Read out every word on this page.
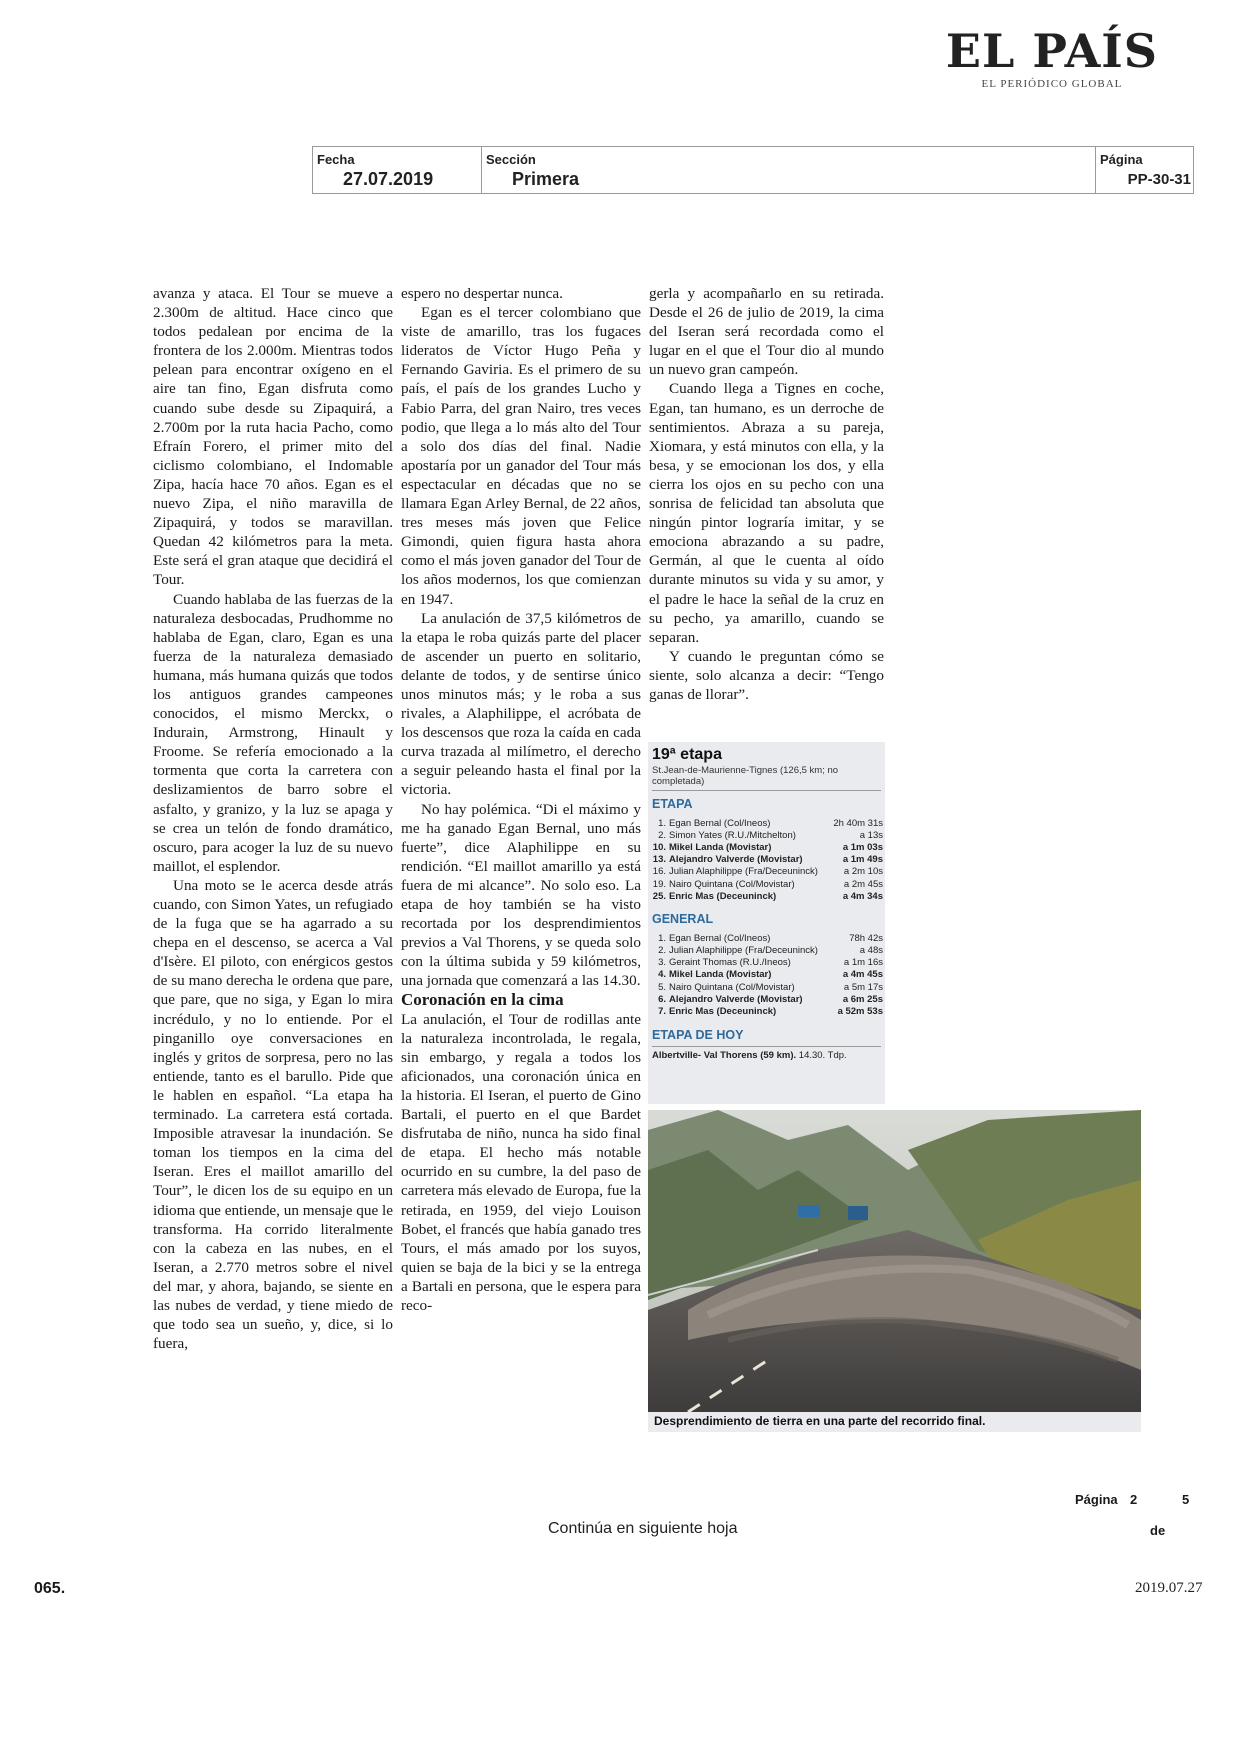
EL PAÍS
EL PERIÓDICO GLOBAL
Fecha
27.07.2019
Sección
Primera
Página
PP-30-31

avanza y ataca. El Tour se mueve a 2.300m de altitud. Hace cinco que todos pedalean por encima de la frontera de los 2.000m. Mientras todos pelean para encontrar oxígeno en el aire tan fino, Egan disfruta como cuando sube desde su Zipaquirá, a 2.700m por la ruta hacia Pacho, como Efraín Forero, el primer mito del ciclismo colombiano, el Indomable Zipa, hacía hace 70 años. Egan es el nuevo Zipa, el niño maravilla de Zipaquirá, y todos se maravillan. Quedan 42 kilómetros para la meta. Este será el gran ataque que decidirá el Tour.

Cuando hablaba de las fuerzas de la naturaleza desbocadas, Prudhomme no hablaba de Egan, claro, Egan es una fuerza de la naturaleza demasiado humana, más humana quizás que todos los antiguos grandes campeones conocidos, el mismo Merckx, o Indurain, Armstrong, Hinault y Froome. Se refería emocionado a la tormenta que corta la carretera con deslizamientos de barro sobre el asfalto, y granizo, y la luz se apaga y se crea un telón de fondo dramático, oscuro, para acoger la luz de su nuevo maillot, el esplendor.

Una moto se le acerca desde atrás cuando, con Simon Yates, un refugiado de la fuga que se ha agarrado a su chepa en el descenso, se acerca a Val d'Isère. El piloto, con enérgicos gestos de su mano derecha le ordena que pare, que pare, que no siga, y Egan lo mira incrédulo, y no lo entiende. Por el pinganillo oye conversaciones en inglés y gritos de sorpresa, pero no las entiende, tanto es el barullo. Pide que le hablen en español. “La etapa ha terminado. La carretera está cortada. Imposible atravesar la inundación. Se toman los tiempos en la cima del Iseran. Eres el maillot amarillo del Tour”, le dicen los de su equipo en un idioma que entiende, un mensaje que le transforma. Ha corrido literalmente con la cabeza en las nubes, en el Iseran, a 2.770 metros sobre el nivel del mar, y ahora, bajando, se siente en las nubes de verdad, y tiene miedo de que todo sea un sueño, y, dice, si lo fuera,

espero no despertar nunca.

Egan es el tercer colombiano que viste de amarillo, tras los fugaces lideratos de Víctor Hugo Peña y Fernando Gaviria. Es el primero de su país, el país de los grandes Lucho y Fabio Parra, del gran Nairo, tres veces podio, que llega a lo más alto del Tour a solo dos días del final. Nadie apostaría por un ganador del Tour más espectacular en décadas que no se llamara Egan Arley Bernal, de 22 años, tres meses más joven que Felice Gimondi, quien figura hasta ahora como el más joven ganador del Tour de los años modernos, los que comienzan en 1947.

La anulación de 37,5 kilómetros de la etapa le roba quizás parte del placer de ascender un puerto en solitario, delante de todos, y de sentirse único unos minutos más; y le roba a sus rivales, a Alaphilippe, el acróbata de los descensos que roza la caída en cada curva trazada al milímetro, el derecho a seguir peleando hasta el final por la victoria.

No hay polémica. “Di el máximo y me ha ganado Egan Bernal, uno más fuerte”, dice Alaphilippe en su rendición. “El maillot amarillo ya está fuera de mi alcance”. No solo eso. La etapa de hoy también se ha visto recortada por los desprendimientos previos a Val Thorens, y se queda solo con la última subida y 59 kilómetros, una jornada que comenzará a las 14.30.

Coronación en la cima

La anulación, el Tour de rodillas ante la naturaleza incontrolada, le regala, sin embargo, y regala a todos los aficionados, una coronación única en la historia. El Iseran, el puerto de Gino Bartali, el puerto en el que Bardet disfrutaba de niño, nunca ha sido final de etapa. El hecho más notable ocurrido en su cumbre, la del paso de carretera más elevado de Europa, fue la retirada, en 1959, del viejo Louison Bobet, el francés que había ganado tres Tours, el más amado por los suyos, quien se baja de la bici y se la entrega a Bartali en persona, que le espera para reco-

gerla y acompañarlo en su retirada. Desde el 26 de julio de 2019, la cima del Iseran será recordada como el lugar en el que el Tour dio al mundo un nuevo gran campeón.

Cuando llega a Tignes en coche, Egan, tan humano, es un derroche de sentimientos. Abraza a su pareja, Xiomara, y está minutos con ella, y la besa, y se emocionan los dos, y ella cierra los ojos en su pecho con una sonrisa de felicidad tan absoluta que ningún pintor lograría imitar, y se emociona abrazando a su padre, Germán, al que le cuenta al oído durante minutos su vida y su amor, y el padre le hace la señal de la cruz en su pecho, ya amarillo, cuando se separan.

Y cuando le preguntan cómo se siente, solo alcanza a decir: “Tengo ganas de llorar”.

19ª etapa
St.Jean-de-Maurienne-Tignes (126,5 km; no completada)
ETAPA
1.	Egan Bernal (Col/Ineos)	2h 40m 31s
2.	Simon Yates (R.U./Mitchelton)	a 13s
10.	Mikel Landa (Movistar)	a 1m 03s
13.	Alejandro Valverde (Movistar)	a 1m 49s
16.	Julian Alaphilippe (Fra/Deceuninck)	a 2m 10s
19.	Nairo Quintana (Col/Movistar)	a 2m 45s
25.	Enric Mas (Deceuninck)	a 4m 34s
GENERAL
1.	Egan Bernal (Col/Ineos)	78h 42s
2.	Julian Alaphilippe (Fra/Deceuninck)	a 48s
3.	Geraint Thomas (R.U./Ineos)	a 1m 16s
4.	Mikel Landa (Movistar)	a 4m 45s
5.	Nairo Quintana (Col/Movistar)	a 5m 17s
6.	Alejandro Valverde (Movistar)	a 6m 25s
7.	Enric Mas (Deceuninck)	a 52m 53s
ETAPA DE HOY
Albertville- Val Thorens (59 km). 14.30. Tdp.
Desprendimiento de tierra en una parte del recorrido final.
Página 2	5
de
Continúa en siguiente hoja
065.	2019.07.27
